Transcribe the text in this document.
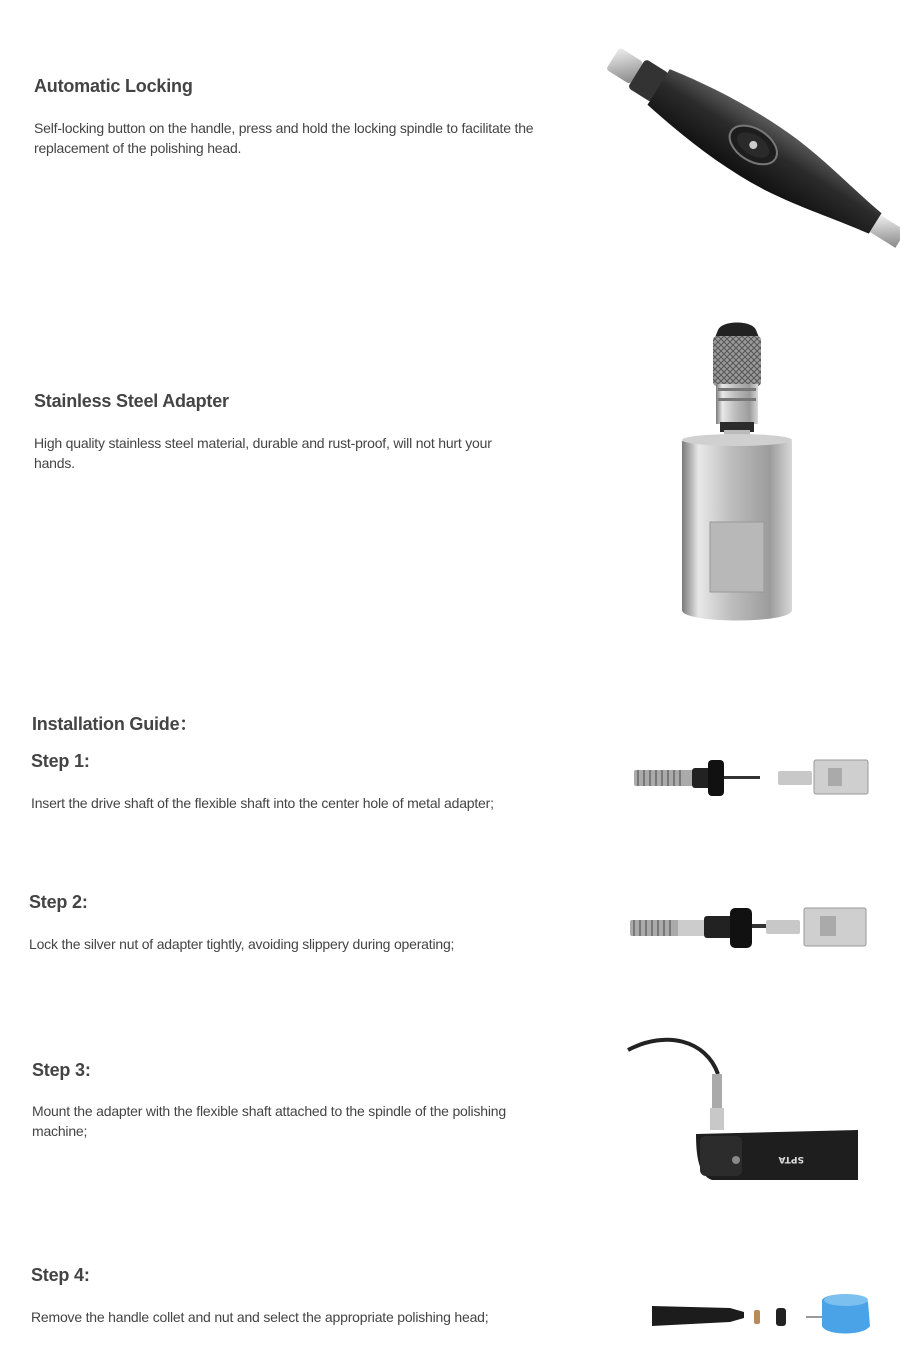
Automatic Locking
Self-locking button on the handle, press and hold the locking spindle to facilitate the replacement of the polishing head.
Stainless Steel Adapter
High quality stainless steel material, durable and rust-proof, will not hurt your hands.
Installation Guide：
Step 1:
Insert the drive shaft of the flexible shaft into the center hole of metal adapter;
Step 2:
Lock the silver nut of adapter tightly, avoiding slippery during operating;
Step 3:
Mount the adapter with the flexible shaft attached to the spindle of the polishing machine;
SPTA
Step 4:
Remove the handle collet and nut and select the appropriate polishing head;
